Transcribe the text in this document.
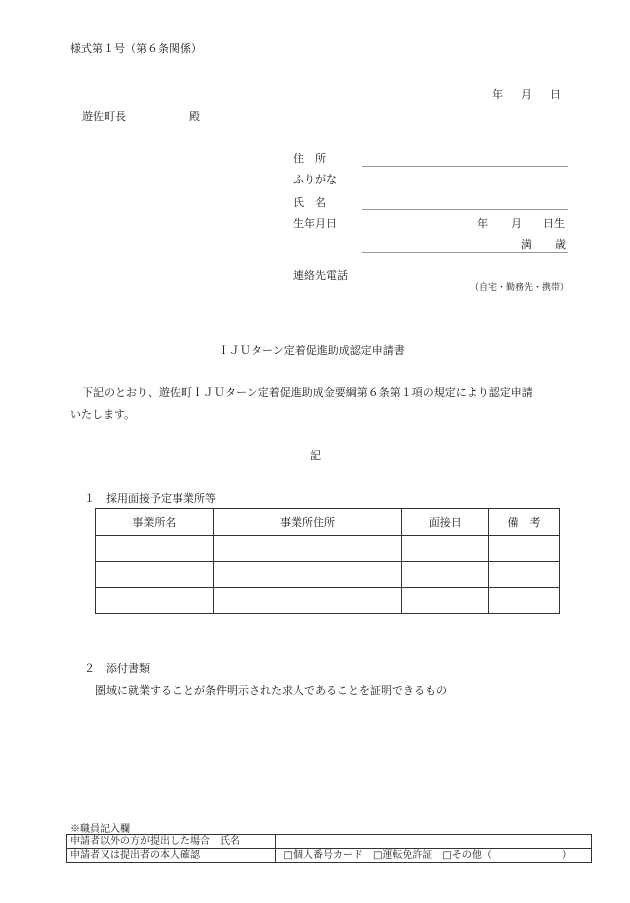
様式第１号（第６条関係）
年 月 日
遊佐町長	殿
住　所
ふりがな
氏　名
生年月日	年 月 日生
満 歳
連絡先電話
（自宅・勤務先・携帯）
ＩＪＵターン定着促進助成認定申請書
下記のとおり、遊佐町ＩＪＵターン定着促進助成金要綱第６条第１項の規定により認定申請
いたします。
記
１　採用面接予定事業所等
事業所名	事業所住所	面接日	備　考

２　添付書類
圏域に就業することが条件明示された求人であることを証明できるもの
※職員記入欄
申請者以外の方が提出した場合　氏名	
申請者又は提出者の本人確認	□個人番号カード　□運転免許証　□その他（　　　　　　　）
